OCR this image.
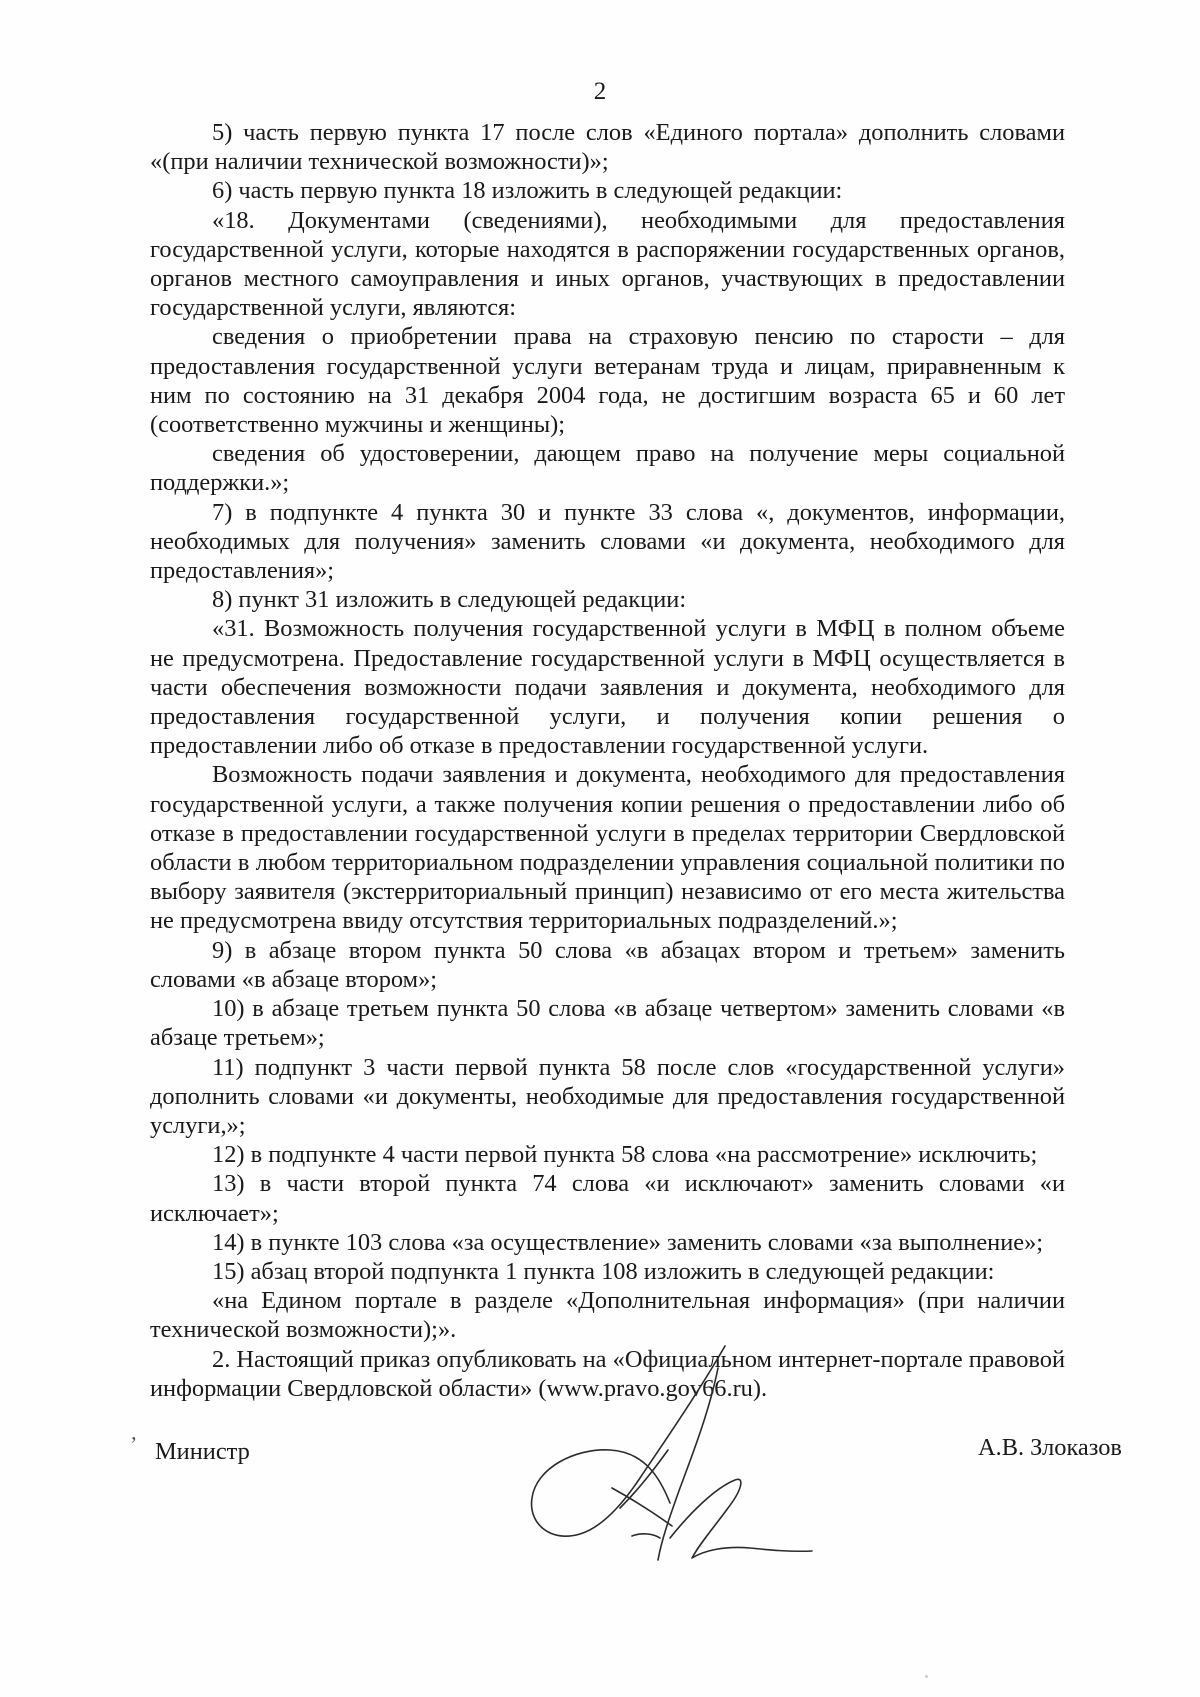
2

5) часть первую пункта 17 после слов «Единого портала» дополнить словами «(при наличии технической возможности)»;

6) часть первую пункта 18 изложить в следующей редакции:

«18. Документами (сведениями), необходимыми для предоставления государственной услуги, которые находятся в распоряжении государственных органов, органов местного самоуправления и иных органов, участвующих в предоставлении государственной услуги, являются:

сведения о приобретении права на страховую пенсию по старости – для предоставления государственной услуги ветеранам труда и лицам, приравненным к ним по состоянию на 31 декабря 2004 года, не достигшим возраста 65 и 60 лет (соответственно мужчины и женщины);

сведения об удостоверении, дающем право на получение меры социальной поддержки.»;

7) в подпункте 4 пункта 30 и пункте 33 слова «, документов, информации, необходимых для получения» заменить словами «и документа, необходимого для предоставления»;

8) пункт 31 изложить в следующей редакции:

«31. Возможность получения государственной услуги в МФЦ в полном объеме не предусмотрена. Предоставление государственной услуги в МФЦ осуществляется в части обеспечения возможности подачи заявления и документа, необходимого для предоставления государственной услуги, и получения копии решения о предоставлении либо об отказе в предоставлении государственной услуги.

Возможность подачи заявления и документа, необходимого для предоставления государственной услуги, а также получения копии решения о предоставлении либо об отказе в предоставлении государственной услуги в пределах территории Свердловской области в любом территориальном подразделении управления социальной политики по выбору заявителя (экстерриториальный принцип) независимо от его места жительства не предусмотрена ввиду отсутствия территориальных подразделений.»;

9) в абзаце втором пункта 50 слова «в абзацах втором и третьем» заменить словами «в абзаце втором»;

10) в абзаце третьем пункта 50 слова «в абзаце четвертом» заменить словами «в абзаце третьем»;

11) подпункт 3 части первой пункта 58 после слов «государственной услуги» дополнить словами «и документы, необходимые для предоставления государственной услуги,»;

12) в подпункте 4 части первой пункта 58 слова «на рассмотрение» исключить;

13) в части второй пункта 74 слова «и исключают» заменить словами «и исключает»;

14) в пункте 103 слова «за осуществление» заменить словами «за выполнение»;

15) абзац второй подпункта 1 пункта 108 изложить в следующей редакции:

«на Едином портале в разделе «Дополнительная информация» (при наличии технической возможности);».

2. Настоящий приказ опубликовать на «Официальном интернет-портале правовой информации Свердловской области» (www.pravo.gov66.ru).

ʼ Министр	А.В. Злоказов
